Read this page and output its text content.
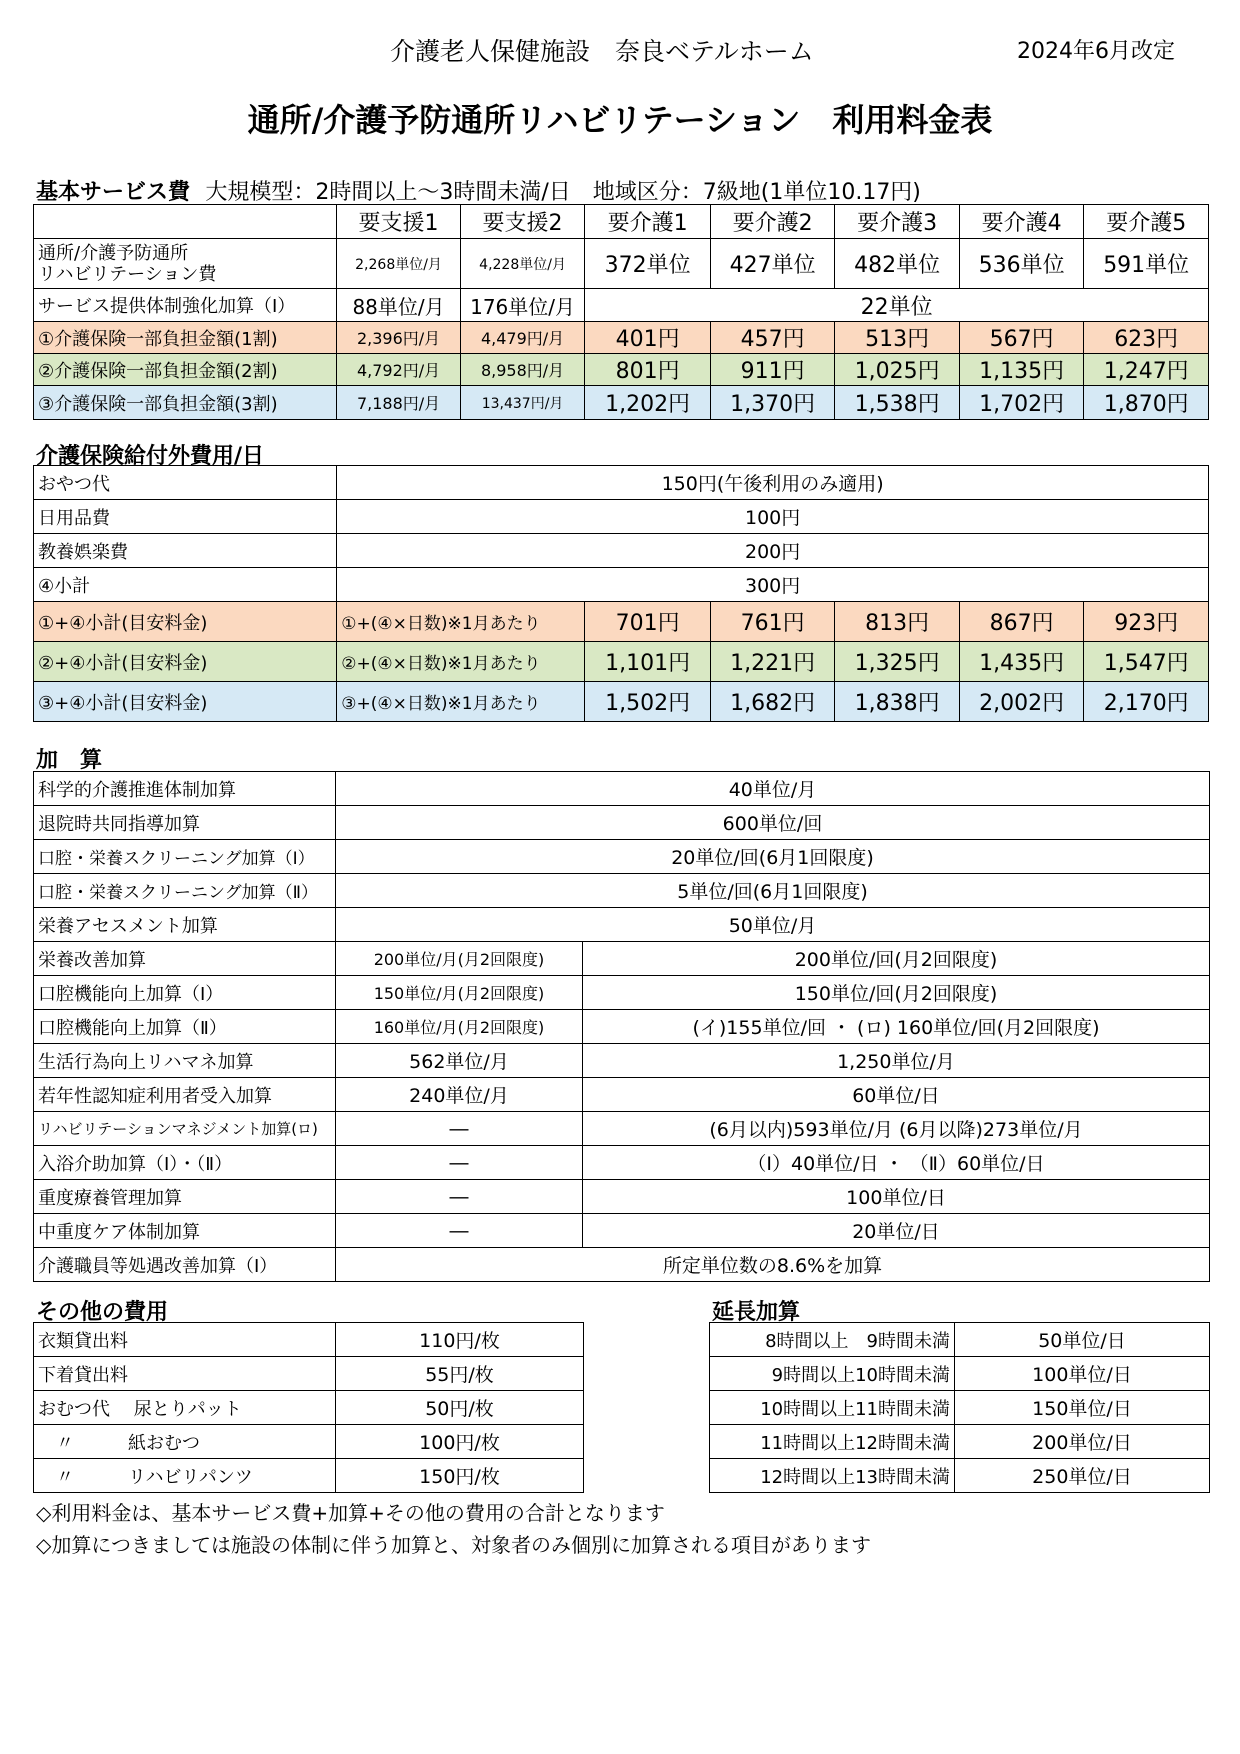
介護老人保健施設　奈良ベテルホーム	2024年6月改定
通所/介護予防通所リハビリテーション　利用料金表
基本サービス費 大規模型：2時間以上～3時間未満/日　地域区分：7級地(1単位10.17円)
	要支援1	要支援2	要介護1	要介護2	要介護3	要介護4	要介護5
通所/介護予防通所
リハビリテーション費	2,268単位/月	4,228単位/月	372単位	427単位	482単位	536単位	591単位
サービス提供体制強化加算（Ⅰ）	88単位/月	176単位/月	22単位				
①介護保険一部負担金額(1割)	2,396円/月	4,479円/月	401円	457円	513円	567円	623円
②介護保険一部負担金額(2割)	4,792円/月	8,958円/月	801円	911円	1,025円	1,135円	1,247円
③介護保険一部負担金額(3割)	7,188円/月	13,437円/月	1,202円	1,370円	1,538円	1,702円	1,870円
介護保険給付外費用/日
おやつ代	150円(午後利用のみ適用)					
日用品費	100円					
教養娯楽費	200円					
④小計	300円					
①+④小計(目安料金)	①+(④×日数)※1月あたり	701円	761円	813円	867円	923円
②+④小計(目安料金)	②+(④×日数)※1月あたり	1,101円	1,221円	1,325円	1,435円	1,547円
③+④小計(目安料金)	③+(④×日数)※1月あたり	1,502円	1,682円	1,838円	2,002円	2,170円
加　算
科学的介護推進体制加算	40単位/月	
退院時共同指導加算	600単位/回	
口腔・栄養スクリーニング加算（Ⅰ）	20単位/回(6月1回限度)	
口腔・栄養スクリーニング加算（Ⅱ）	5単位/回(6月1回限度)	
栄養アセスメント加算	50単位/月	
栄養改善加算	200単位/月(月2回限度)	200単位/回(月2回限度)
口腔機能向上加算（Ⅰ）	150単位/月(月2回限度)	150単位/回(月2回限度)
口腔機能向上加算（Ⅱ）	160単位/月(月2回限度)	(イ)155単位/回 ・ (ロ) 160単位/回(月2回限度)
生活行為向上リハマネ加算	562単位/月	1,250単位/月
若年性認知症利用者受入加算	240単位/月	60単位/日
リハビリテーションマネジメント加算(ロ)	―	(6月以内)593単位/月 (6月以降)273単位/月
入浴介助加算（Ⅰ）・（Ⅱ）	―	（Ⅰ）40単位/日 ・ （Ⅱ）60単位/日
重度療養管理加算	―	100単位/日
中重度ケア体制加算	―	20単位/日
介護職員等処遇改善加算（Ⅰ）	所定単位数の8.6%を加算	
その他の費用
衣類貸出料	110円/枚
下着貸出料	55円/枚
おむつ代　 尿とりパット	50円/枚
　〃　　　紙おむつ	100円/枚
　〃　　　リハビリパンツ	150円/枚
延長加算
8時間以上　9時間未満	50単位/日
9時間以上10時間未満	100単位/日
10時間以上11時間未満	150単位/日
11時間以上12時間未満	200単位/日
12時間以上13時間未満	250単位/日
◇利用料金は、基本サービス費+加算+その他の費用の合計となります
◇加算につきましては施設の体制に伴う加算と、対象者のみ個別に加算される項目があります
